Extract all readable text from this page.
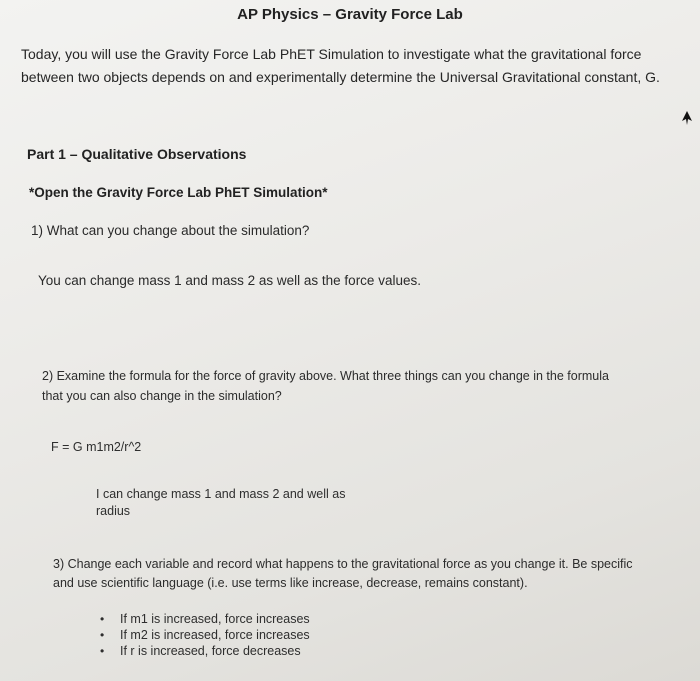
AP Physics – Gravity Force Lab
Today, you will use the Gravity Force Lab PhET Simulation to investigate what the gravitational force
between two objects depends on and experimentally determine the Universal Gravitational constant, G.
Part 1 – Qualitative Observations
*Open the Gravity Force Lab PhET Simulation*
1) What can you change about the simulation?
You can change mass 1 and mass 2 as well as the force values.
2) Examine the formula for the force of gravity above. What three things can you change in the formula
that you can also change in the simulation?
F = G m1m2/r^2
I can change mass 1 and mass 2 and well as
radius
3) Change each variable and record what happens to the gravitational force as you change it. Be specific
and use scientific language (i.e. use terms like increase, decrease, remains constant).
• If m1 is increased, force increases
• If m2 is increased, force increases
• If r is increased, force decreases
